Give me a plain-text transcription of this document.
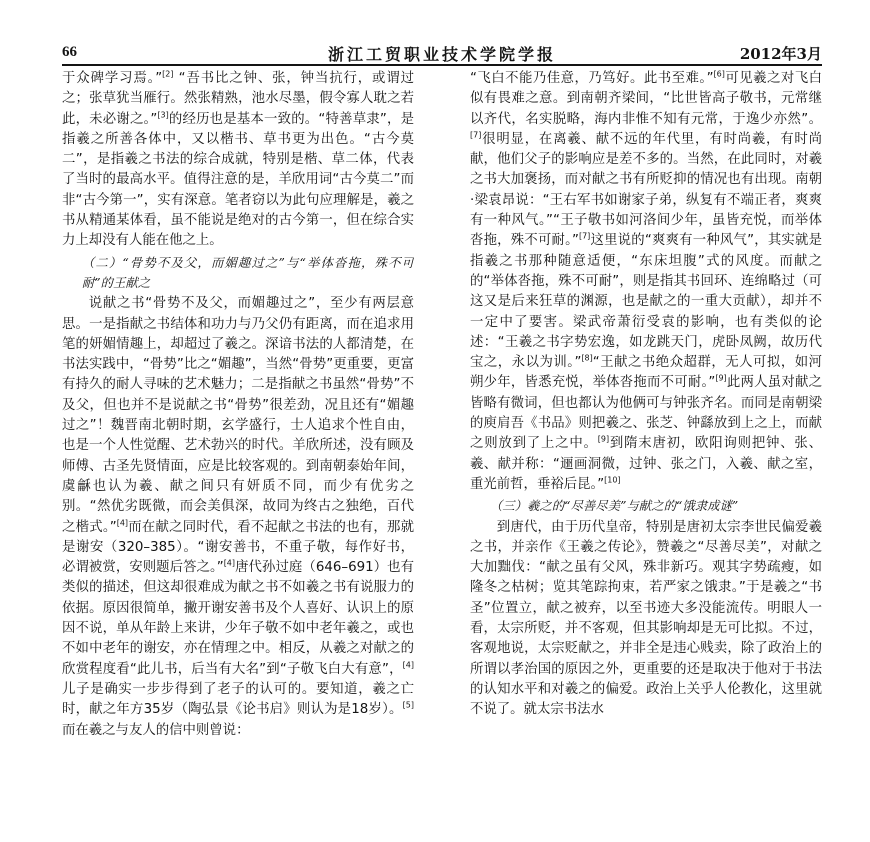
66	浙江工贸职业技术学院学报	2012年3月

于众碑学习焉。”[2] “吾书比之钟、张，钟当抗行，或谓过之；张草犹当雁行。然张精熟，池水尽墨，假令寡人耽之若此，未必谢之。”[3]的经历也是基本一致的。“特善草隶”，是指羲之所善各体中，又以楷书、草书更为出色。“古今莫二”，是指羲之书法的综合成就，特别是楷、草二体，代表了当时的最高水平。值得注意的是，羊欣用词“古今莫二”而非“古今第一”，实有深意。笔者窃以为此句应理解是，羲之书从精通某体看，虽不能说是绝对的古今第一，但在综合实力上却没有人能在他之上。

（二）“骨势不及父，而媚趣过之”与“举体沓拖，殊不可耐”的王献之

说献之书“骨势不及父，而媚趣过之”，至少有两层意思。一是指献之书结体和功力与乃父仍有距离，而在追求用笔的妍媚情趣上，却超过了羲之。深谙书法的人都清楚，在书法实践中，“骨势”比之“媚趣”，当然“骨势”更重要，更富有持久的耐人寻味的艺术魅力；二是指献之书虽然“骨势”不及父，但也并不是说献之书“骨势”很差劲，况且还有“媚趣过之”！魏晋南北朝时期，玄学盛行，士人追求个性自由，也是一个人性觉醒、艺术勃兴的时代。羊欣所述，没有顾及师傅、古圣先贤情面，应是比较客观的。到南朝泰始年间，虞龢也认为羲、献之间只有妍质不同，而少有优劣之别。“然优劣既微，而会美俱深，故同为终古之独绝，百代之楷式。”[4]而在献之同时代，看不起献之书法的也有，那就是谢安（320–385）。“谢安善书，不重子敬，每作好书，必谓被赏，安则题后答之。”[4]唐代孙过庭（646–691）也有类似的描述，但这却很难成为献之书不如羲之书有说服力的依据。原因很简单，撇开谢安善书及个人喜好、认识上的原因不说，单从年龄上来讲，少年子敬不如中老年羲之，或也不如中老年的谢安，亦在情理之中。相反，从羲之对献之的欣赏程度看“此儿书，后当有大名”到“子敬飞白大有意”，[4]儿子是确实一步步得到了老子的认可的。要知道，羲之亡时，献之年方35岁（陶弘景《论书启》则认为是18岁）。[5]而在羲之与友人的信中则曾说：

“飞白不能乃佳意，乃笃好。此书至难。”[6]可见羲之对飞白似有畏难之意。到南朝齐梁间，“比世皆高子敬书，元常继以齐代，名实脱略，海内非惟不知有元常，于逸少亦然”。[7]很明显，在离羲、献不远的年代里，有时尚羲，有时尚献，他们父子的影响应是差不多的。当然，在此同时，对羲之书大加褒扬，而对献之书有所贬抑的情况也有出现。南朝·梁袁昂说：“王右军书如谢家子弟，纵复有不端正者，爽爽有一种风气。”“王子敬书如河洛间少年，虽皆充悦，而举体沓拖，殊不可耐。”[7]这里说的“爽爽有一种风气”，其实就是指羲之书那种随意适便，“东床坦腹”式的风度。而献之的“举体沓拖，殊不可耐”，则是指其书回环、连绵略过（可这又是后来狂草的渊源，也是献之的一重大贡献），却并不一定中了要害。梁武帝萧衍受袁的影响，也有类似的论述：“王羲之书字势宏逸，如龙跳天门，虎卧凤阙，故历代宝之，永以为训。”[8]“王献之书绝众超群，无人可拟，如河朔少年，皆悉充悦，举体沓拖而不可耐。”[9]此两人虽对献之皆略有微词，但也都认为他俩可与钟张齐名。而同是南朝梁的庾肩吾《书品》则把羲之、张芝、钟繇放到上之上，而献之则放到了上之中。[9]到隋末唐初，欧阳询则把钟、张、羲、献并称：“逦画洞微，过钟、张之门，入羲、献之室，重光前哲，垂裕后昆。”[10]

（三）羲之的“尽善尽美”与献之的“饿隶成谜”

到唐代，由于历代皇帝，特别是唐初太宗李世民偏爱羲之书，并亲作《王羲之传论》，赞羲之“尽善尽美”，对献之大加黜伐：“献之虽有父风，殊非新巧。观其字势疏瘦，如隆冬之枯树；览其笔踪拘束，若严家之饿隶。”于是羲之“书圣”位置立，献之被弃，以至书迹大多没能流传。明眼人一看，太宗所贬，并不客观，但其影响却是无可比拟。不过，客观地说，太宗贬献之，并非全是违心贱卖，除了政治上的所谓以孝治国的原因之外，更重要的还是取决于他对于书法的认知水平和对羲之的偏爱。政治上关乎人伦教化，这里就不说了。就太宗书法水
